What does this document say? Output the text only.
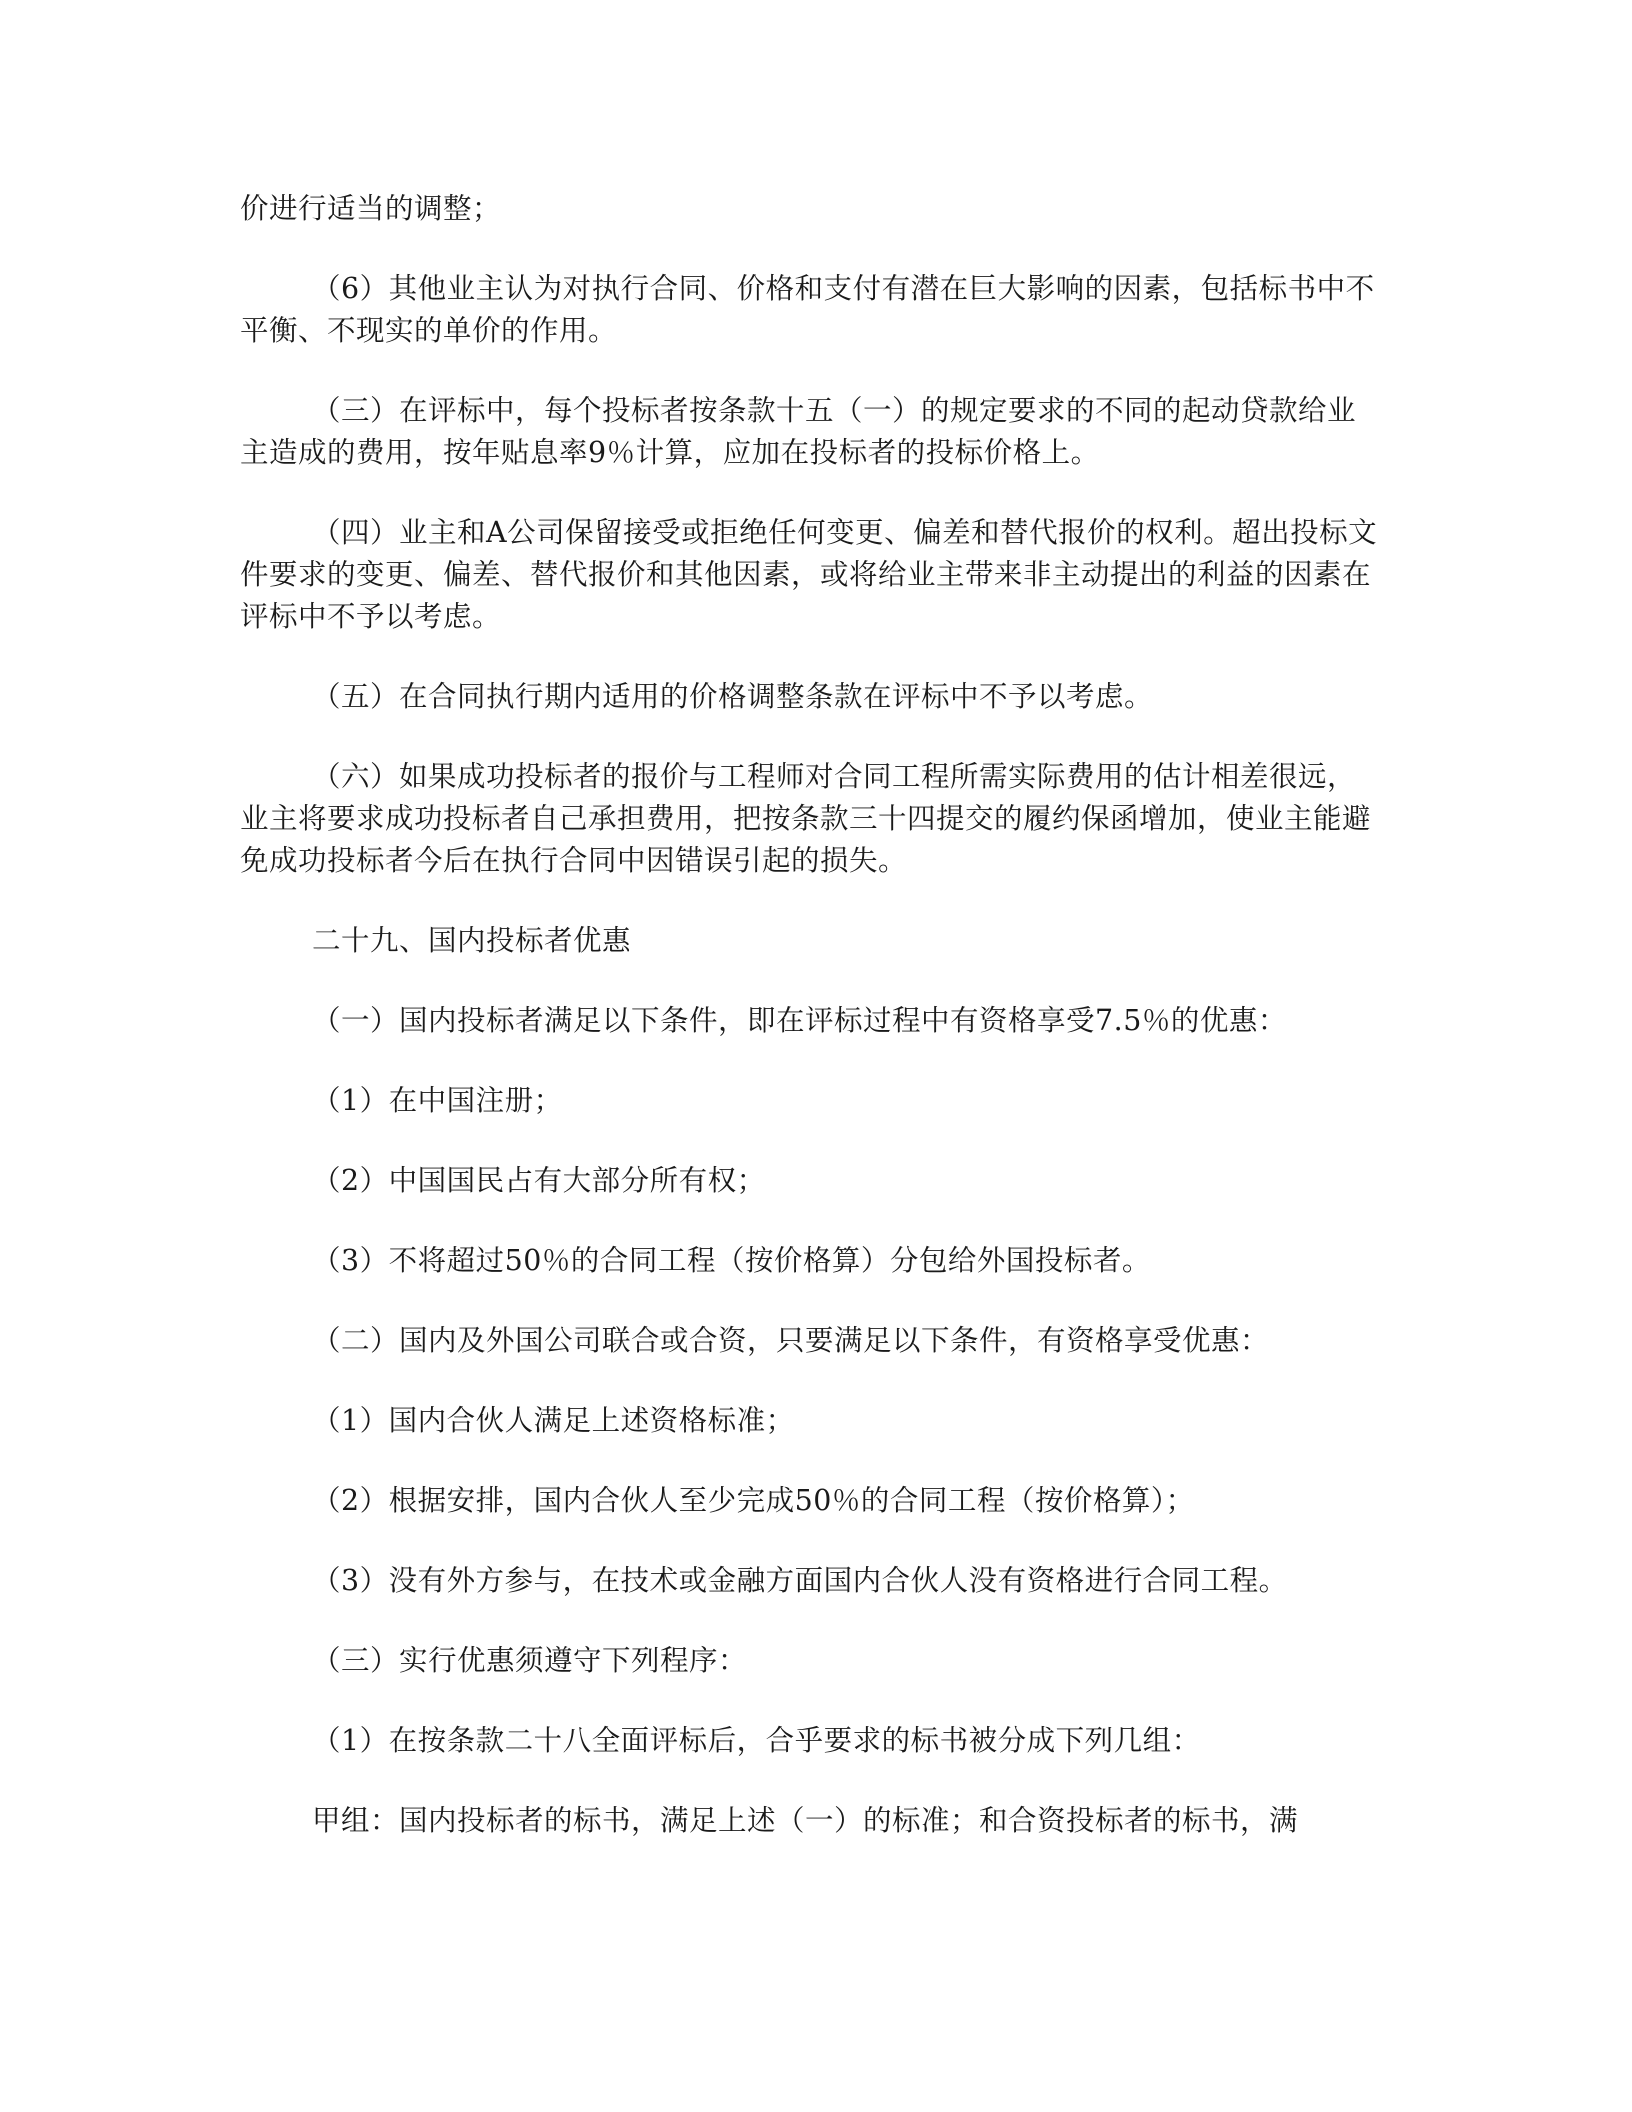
价进行适当的调整；

（6）其他业主认为对执行合同、价格和支付有潜在巨大影响的因素，包括标书中不平衡、不现实的单价的作用。

（三）在评标中，每个投标者按条款十五（一）的规定要求的不同的起动贷款给业主造成的费用，按年贴息率9％计算，应加在投标者的投标价格上。

（四）业主和A公司保留接受或拒绝任何变更、偏差和替代报价的权利。超出投标文件要求的变更、偏差、替代报价和其他因素，或将给业主带来非主动提出的利益的因素在评标中不予以考虑。

（五）在合同执行期内适用的价格调整条款在评标中不予以考虑。

（六）如果成功投标者的报价与工程师对合同工程所需实际费用的估计相差很远，业主将要求成功投标者自己承担费用，把按条款三十四提交的履约保函增加，使业主能避免成功投标者今后在执行合同中因错误引起的损失。

二十九、国内投标者优惠

（一）国内投标者满足以下条件，即在评标过程中有资格享受7.5％的优惠：

（1）在中国注册；

（2）中国国民占有大部分所有权；

（3）不将超过50％的合同工程（按价格算）分包给外国投标者。

（二）国内及外国公司联合或合资，只要满足以下条件，有资格享受优惠：

（1）国内合伙人满足上述资格标准；

（2）根据安排，国内合伙人至少完成50％的合同工程（按价格算）；

（3）没有外方参与，在技术或金融方面国内合伙人没有资格进行合同工程。

（三）实行优惠须遵守下列程序：

（1）在按条款二十八全面评标后，合乎要求的标书被分成下列几组：

甲组：国内投标者的标书，满足上述（一）的标准；和合资投标者的标书，满
